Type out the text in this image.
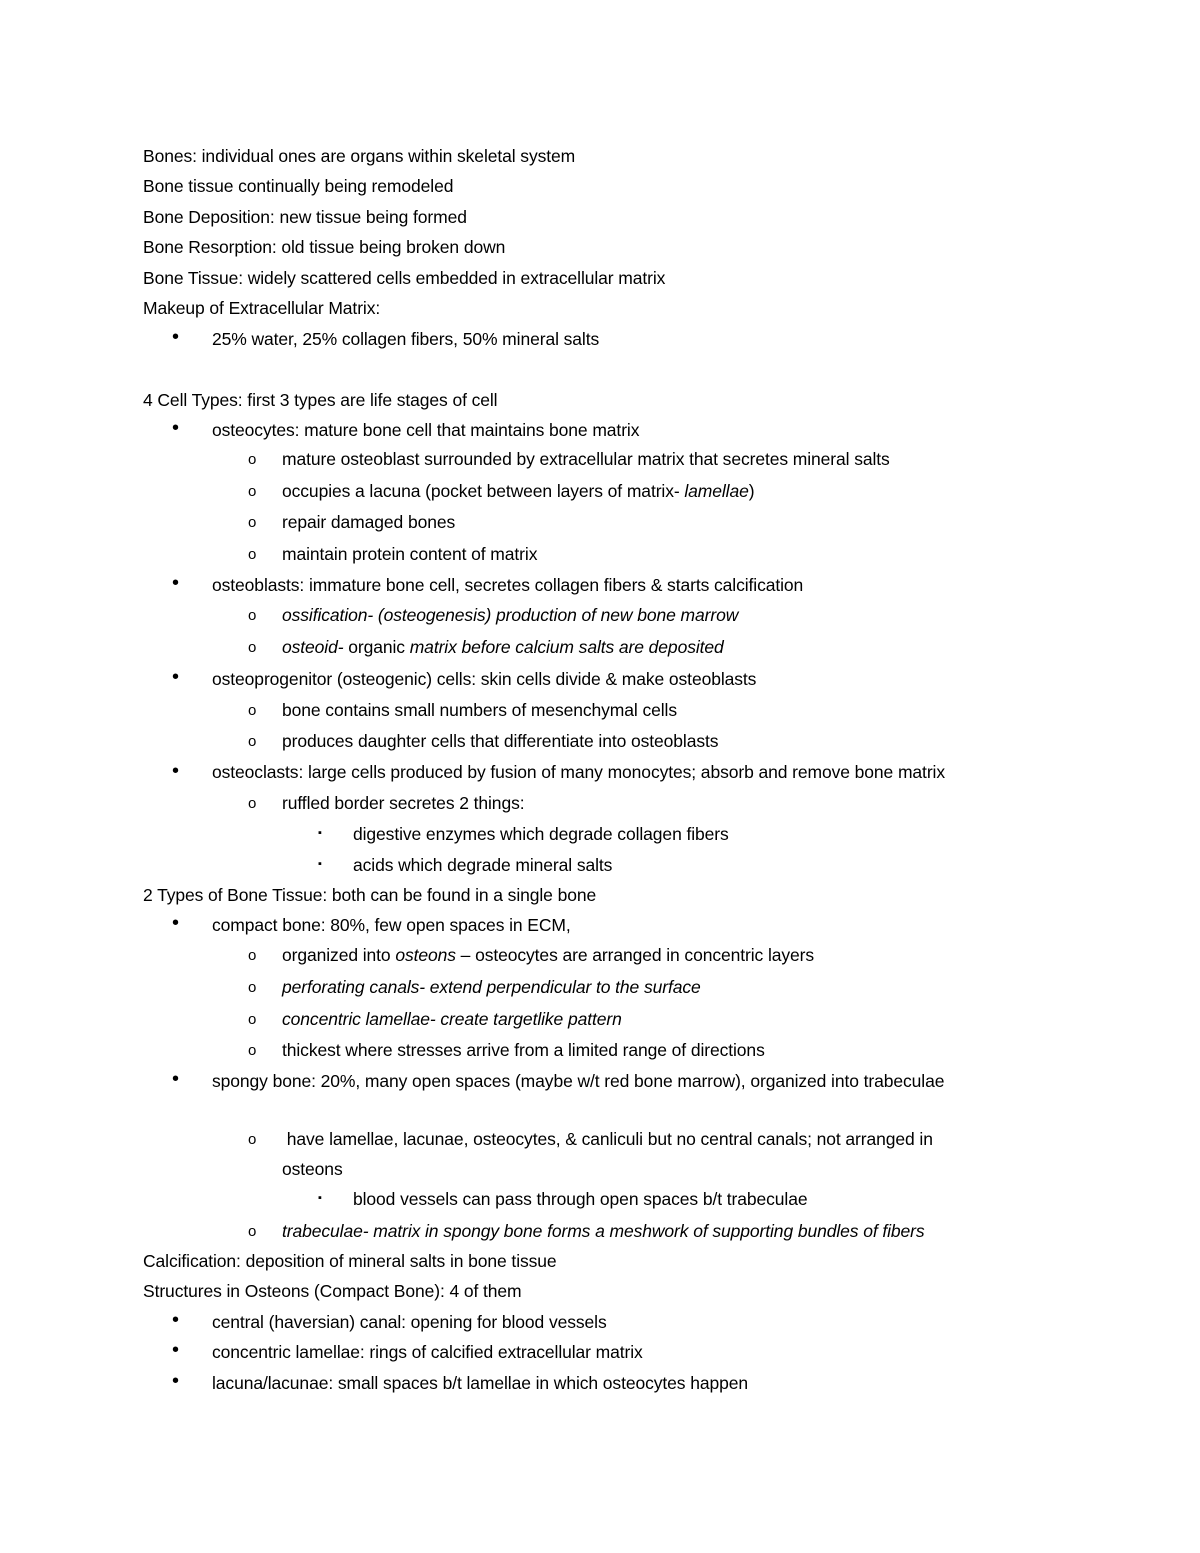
Bones: individual ones are organs within skeletal system
Bone tissue continually being remodeled
Bone Deposition: new tissue being formed
Bone Resorption: old tissue being broken down
Bone Tissue: widely scattered cells embedded in extracellular matrix
Makeup of Extracellular Matrix:
• 25% water, 25% collagen fibers, 50% mineral salts
4 Cell Types: first 3 types are life stages of cell
• osteocytes: mature bone cell that maintains bone matrix
o mature osteoblast surrounded by extracellular matrix that secretes mineral salts
o occupies a lacuna (pocket between layers of matrix- lamellae)
o repair damaged bones
o maintain protein content of matrix
• osteoblasts: immature bone cell, secretes collagen fibers & starts calcification
o ossification- (osteogenesis) production of new bone marrow
o osteoid- organic matrix before calcium salts are deposited
• osteoprogenitor (osteogenic) cells: skin cells divide & make osteoblasts
o bone contains small numbers of mesenchymal cells
o produces daughter cells that differentiate into osteoblasts
• osteoclasts: large cells produced by fusion of many monocytes; absorb and remove bone matrix
o ruffled border secretes 2 things:
▪ digestive enzymes which degrade collagen fibers
▪ acids which degrade mineral salts
2 Types of Bone Tissue: both can be found in a single bone
• compact bone: 80%, few open spaces in ECM,
o organized into osteons – osteocytes are arranged in concentric layers
o perforating canals- extend perpendicular to the surface
o concentric lamellae- create targetlike pattern
o thickest where stresses arrive from a limited range of directions
• spongy bone: 20%, many open spaces (maybe w/t red bone marrow), organized into trabeculae
o have lamellae, lacunae, osteocytes, & canliculi but no central canals; not arranged in
osteons
▪ blood vessels can pass through open spaces b/t trabeculae
o trabeculae- matrix in spongy bone forms a meshwork of supporting bundles of fibers
Calcification: deposition of mineral salts in bone tissue
Structures in Osteons (Compact Bone): 4 of them
• central (haversian) canal: opening for blood vessels
• concentric lamellae: rings of calcified extracellular matrix
• lacuna/lacunae: small spaces b/t lamellae in which osteocytes happen
